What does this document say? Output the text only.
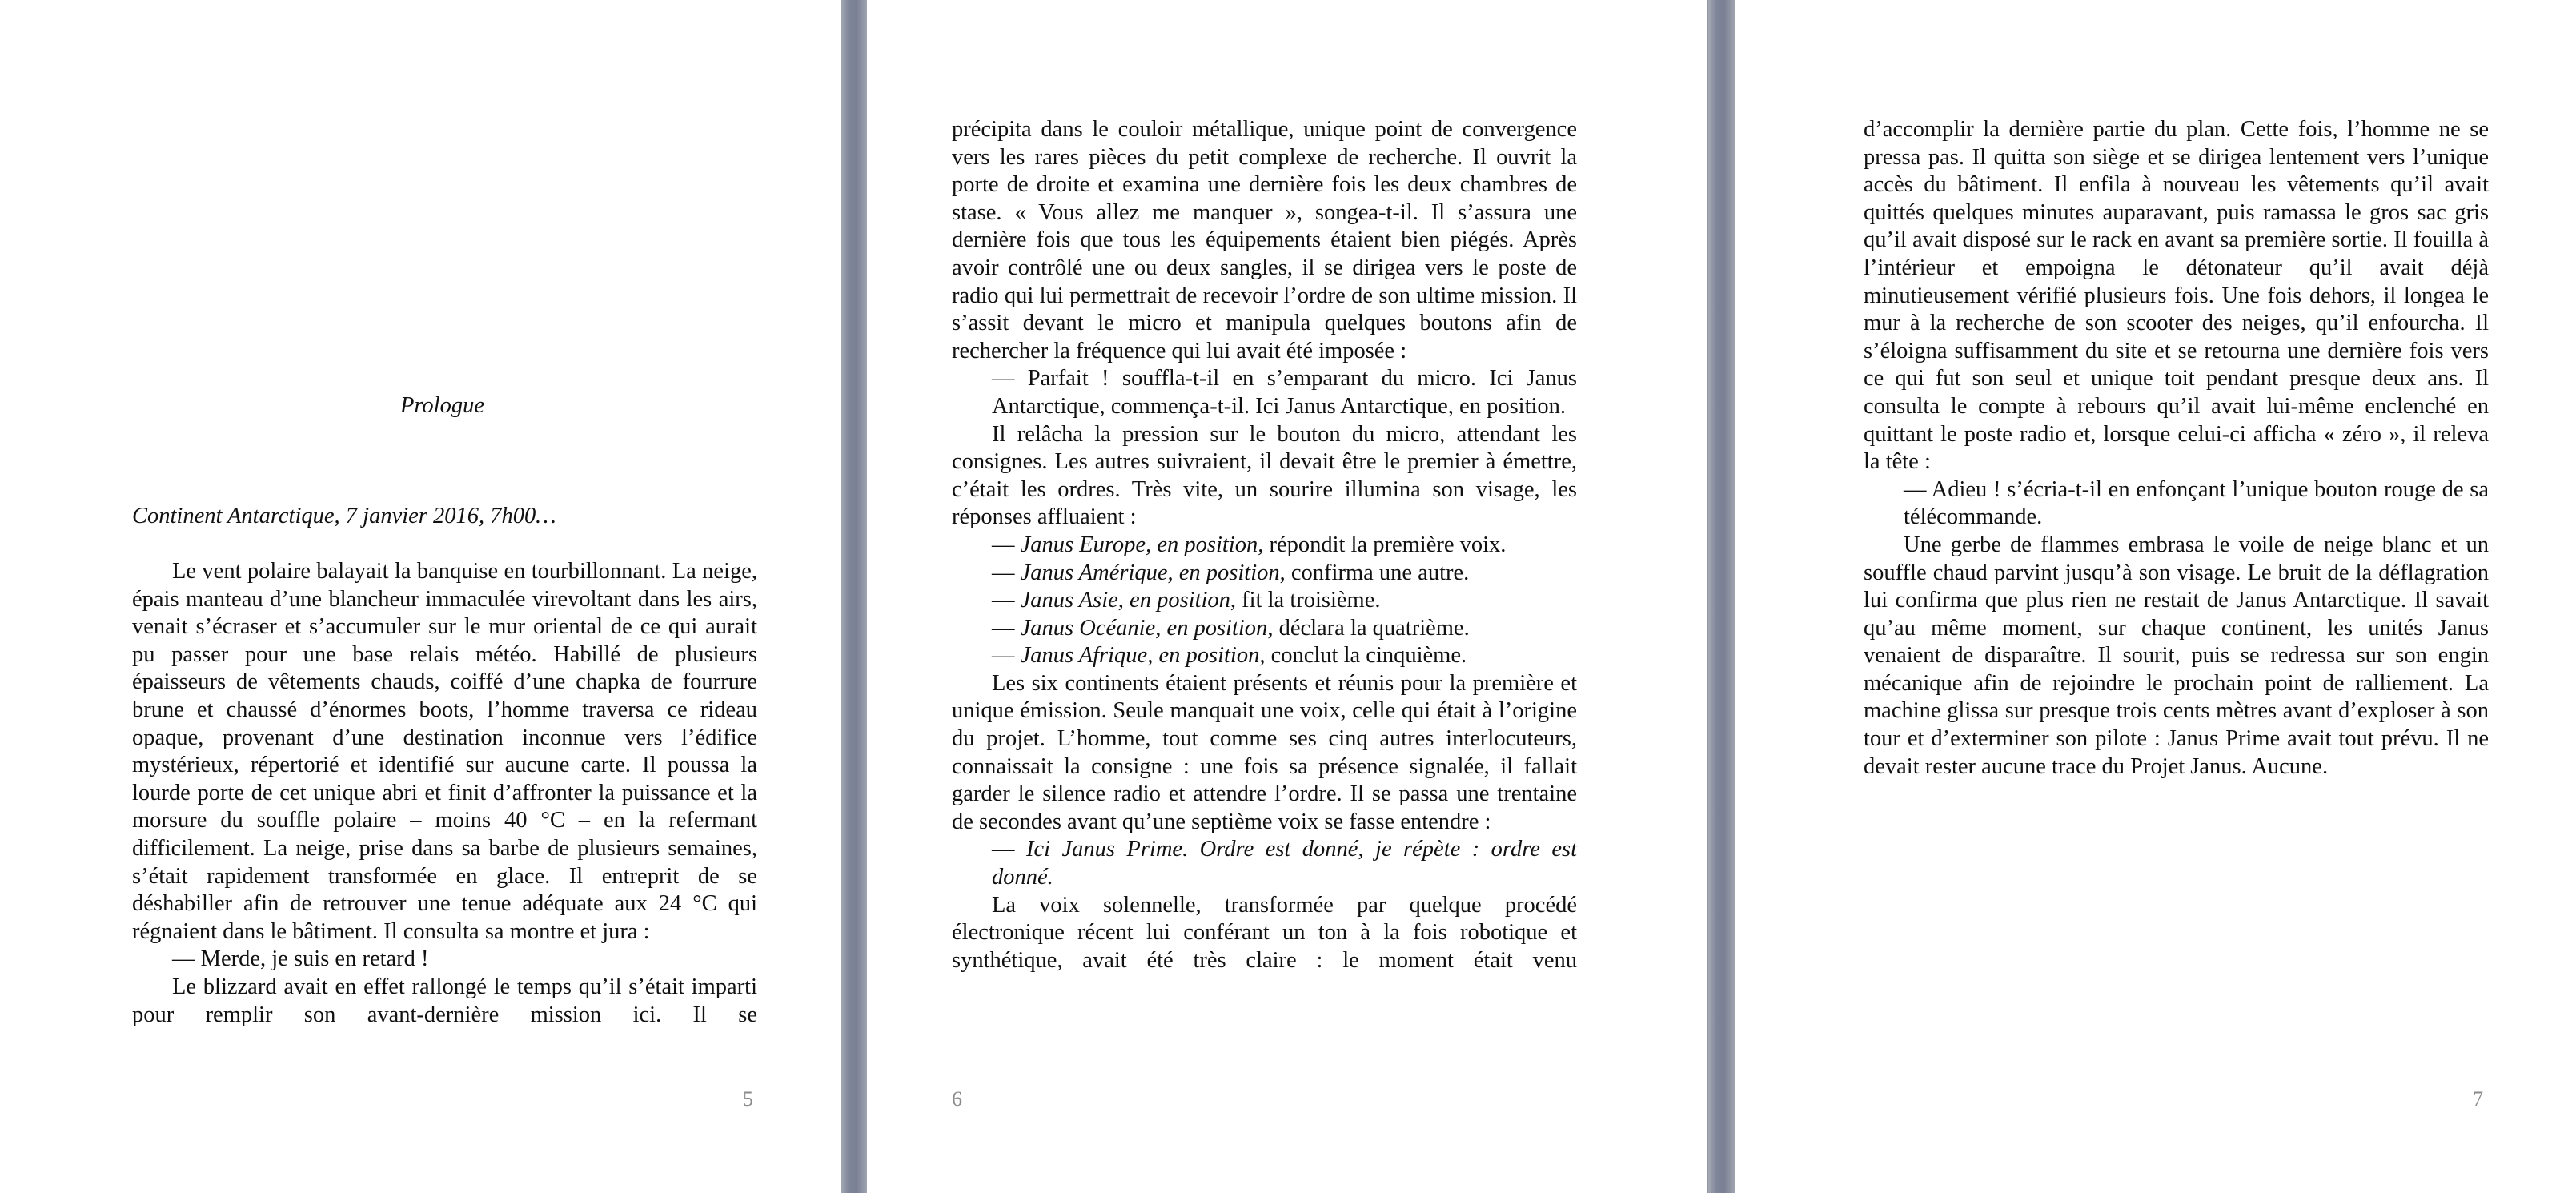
Prologue
Continent Antarctique, 7 janvier 2016, 7h00…

Le vent polaire balayait la banquise en tourbillonnant. La neige, épais manteau d’une blancheur immaculée virevoltant dans les airs, venait s’écraser et s’accumuler sur le mur oriental de ce qui aurait pu passer pour une base relais météo. Habillé de plusieurs épaisseurs de vêtements chauds, coiffé d’une chapka de fourrure brune et chaussé d’énormes boots, l’homme traversa ce rideau opaque, provenant d’une destination inconnue vers l’édifice mystérieux, répertorié et identifié sur aucune carte. Il poussa la lourde porte de cet unique abri et finit d’affronter la puissance et la morsure du souffle polaire – moins 40 °C – en la refermant difficilement. La neige, prise dans sa barbe de plusieurs semaines, s’était rapidement transformée en glace. Il entreprit de se déshabiller afin de retrouver une tenue adéquate aux 24 °C qui régnaient dans le bâtiment. Il consulta sa montre et jura :

— Merde, je suis en retard !

Le blizzard avait en effet rallongé le temps qu’il s’était imparti pour remplir son avant-dernière mission ici. Il se

5

précipita dans le couloir métallique, unique point de convergence vers les rares pièces du petit complexe de recherche. Il ouvrit la porte de droite et examina une dernière fois les deux chambres de stase. « Vous allez me manquer », songea-t-il. Il s’assura une dernière fois que tous les équipements étaient bien piégés. Après avoir contrôlé une ou deux sangles, il se dirigea vers le poste de radio qui lui permettrait de recevoir l’ordre de son ultime mission. Il s’assit devant le micro et manipula quelques boutons afin de rechercher la fréquence qui lui avait été imposée :

— Parfait ! souffla-t-il en s’emparant du micro. Ici Janus Antarctique, commença-t-il. Ici Janus Antarctique, en position.

Il relâcha la pression sur le bouton du micro, attendant les consignes. Les autres suivraient, il devait être le premier à émettre, c’était les ordres. Très vite, un sourire illumina son visage, les réponses affluaient :

— Janus Europe, en position, répondit la première voix.

— Janus Amérique, en position, confirma une autre.

— Janus Asie, en position, fit la troisième.

— Janus Océanie, en position, déclara la quatrième.

— Janus Afrique, en position, conclut la cinquième.

Les six continents étaient présents et réunis pour la première et unique émission. Seule manquait une voix, celle qui était à l’origine du projet. L’homme, tout comme ses cinq autres interlocuteurs, connaissait la consigne : une fois sa présence signalée, il fallait garder le silence radio et attendre l’ordre. Il se passa une trentaine de secondes avant qu’une septième voix se fasse entendre :

— Ici Janus Prime. Ordre est donné, je répète : ordre est donné.

La voix solennelle, transformée par quelque procédé électronique récent lui conférant un ton à la fois robotique et synthétique, avait été très claire : le moment était venu

6

d’accomplir la dernière partie du plan. Cette fois, l’homme ne se pressa pas. Il quitta son siège et se dirigea lentement vers l’unique accès du bâtiment. Il enfila à nouveau les vêtements qu’il avait quittés quelques minutes auparavant, puis ramassa le gros sac gris qu’il avait disposé sur le rack en avant sa première sortie. Il fouilla à l’intérieur et empoigna le détonateur qu’il avait déjà minutieusement vérifié plusieurs fois. Une fois dehors, il longea le mur à la recherche de son scooter des neiges, qu’il enfourcha. Il s’éloigna suffisamment du site et se retourna une dernière fois vers ce qui fut son seul et unique toit pendant presque deux ans. Il consulta le compte à rebours qu’il avait lui-même enclenché en quittant le poste radio et, lorsque celui-ci afficha « zéro », il releva la tête :

— Adieu ! s’écria-t-il en enfonçant l’unique bouton rouge de sa télécommande.

Une gerbe de flammes embrasa le voile de neige blanc et un souffle chaud parvint jusqu’à son visage. Le bruit de la déflagration lui confirma que plus rien ne restait de Janus Antarctique. Il savait qu’au même moment, sur chaque continent, les unités Janus venaient de disparaître. Il sourit, puis se redressa sur son engin mécanique afin de rejoindre le prochain point de ralliement. La machine glissa sur presque trois cents mètres avant d’exploser à son tour et d’exterminer son pilote : Janus Prime avait tout prévu. Il ne devait rester aucune trace du Projet Janus. Aucune.

7
